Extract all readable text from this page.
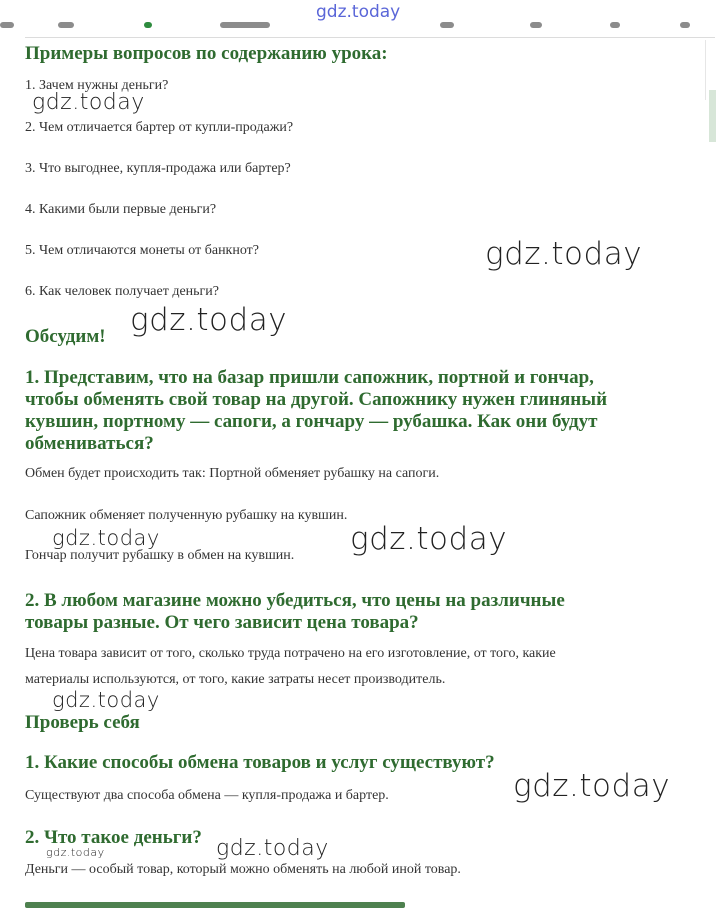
gdz.today
Примеры вопросов по содержанию урока:
1. Зачем нужны деньги?
2. Чем отличается бартер от купли-продажи?
3. Что выгоднее, купля-продажа или бартер?
4. Какими были первые деньги?
5. Чем отличаются монеты от банкнот?
6. Как человек получает деньги?
Обсудим!
1. Представим, что на базар пришли сапожник, портной и гончар,
чтобы обменять свой товар на другой. Сапожнику нужен глиняный
кувшин, портному — сапоги, а гончару — рубашка. Как они будут
обмениваться?
Обмен будет происходить так: Портной обменяет рубашку на сапоги.
Сапожник обменяет полученную рубашку на кувшин.
Гончар получит рубашку в обмен на кувшин.
2. В любом магазине можно убедиться, что цены на различные
товары разные. От чего зависит цена товара?
Цена товара зависит от того, сколько труда потрачено на его изготовление, от того, какие
материалы используются, от того, какие затраты несет производитель.
Проверь себя
1. Какие способы обмена товаров и услуг существуют?
Существуют два способа обмена — купля-продажа и бартер.
2. Что такое деньги?
Деньги — особый товар, который можно обменять на любой иной товар.
gdz.today
gdz.today
gdz.today
gdz.today	gdz.today
gdz.today
gdz.today
gdz.today	gdz.today
